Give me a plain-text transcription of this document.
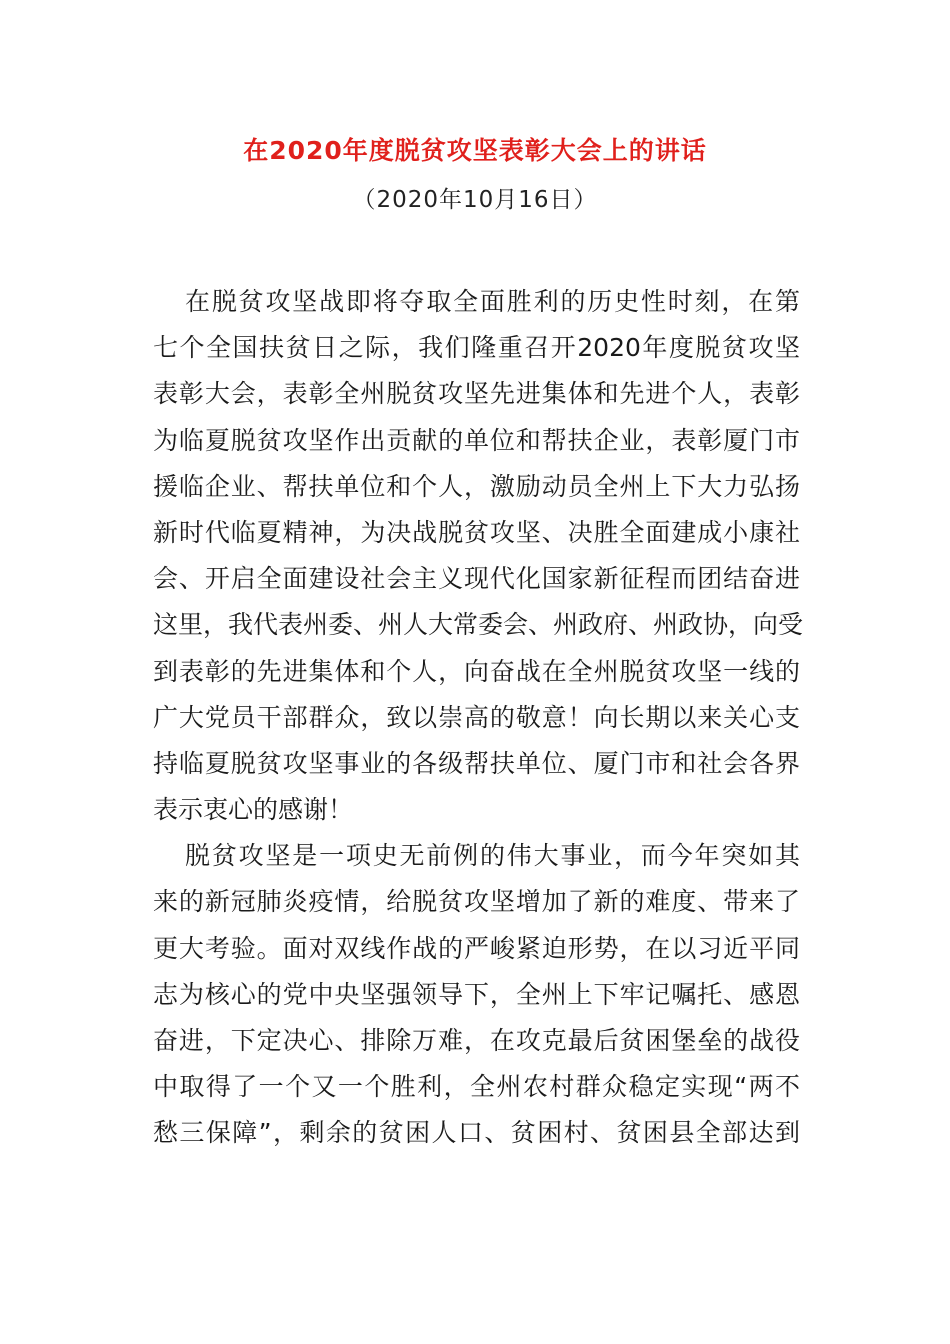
在2020年度脱贫攻坚表彰大会上的讲话
（2020年10月16日）
在脱贫攻坚战即将夺取全面胜利的历史性时刻，在第
七个全国扶贫日之际，我们隆重召开2020年度脱贫攻坚
表彰大会，表彰全州脱贫攻坚先进集体和先进个人，表彰
为临夏脱贫攻坚作出贡献的单位和帮扶企业，表彰厦门市
援临企业、帮扶单位和个人，激励动员全州上下大力弘扬
新时代临夏精神，为决战脱贫攻坚、决胜全面建成小康社
会、开启全面建设社会主义现代化国家新征程而团结奋进
这里，我代表州委、州人大常委会、州政府、州政协，向受
到表彰的先进集体和个人，向奋战在全州脱贫攻坚一线的
广大党员干部群众，致以崇高的敬意！向长期以来关心支
持临夏脱贫攻坚事业的各级帮扶单位、厦门市和社会各界
表示衷心的感谢！
脱贫攻坚是一项史无前例的伟大事业，而今年突如其
来的新冠肺炎疫情，给脱贫攻坚增加了新的难度、带来了
更大考验。面对双线作战的严峻紧迫形势，在以习近平同
志为核心的党中央坚强领导下，全州上下牢记嘱托、感恩
奋进，下定决心、排除万难，在攻克最后贫困堡垒的战役
中取得了一个又一个胜利，全州农村群众稳定实现“两不
愁三保障”，剩余的贫困人口、贫困村、贫困县全部达到
